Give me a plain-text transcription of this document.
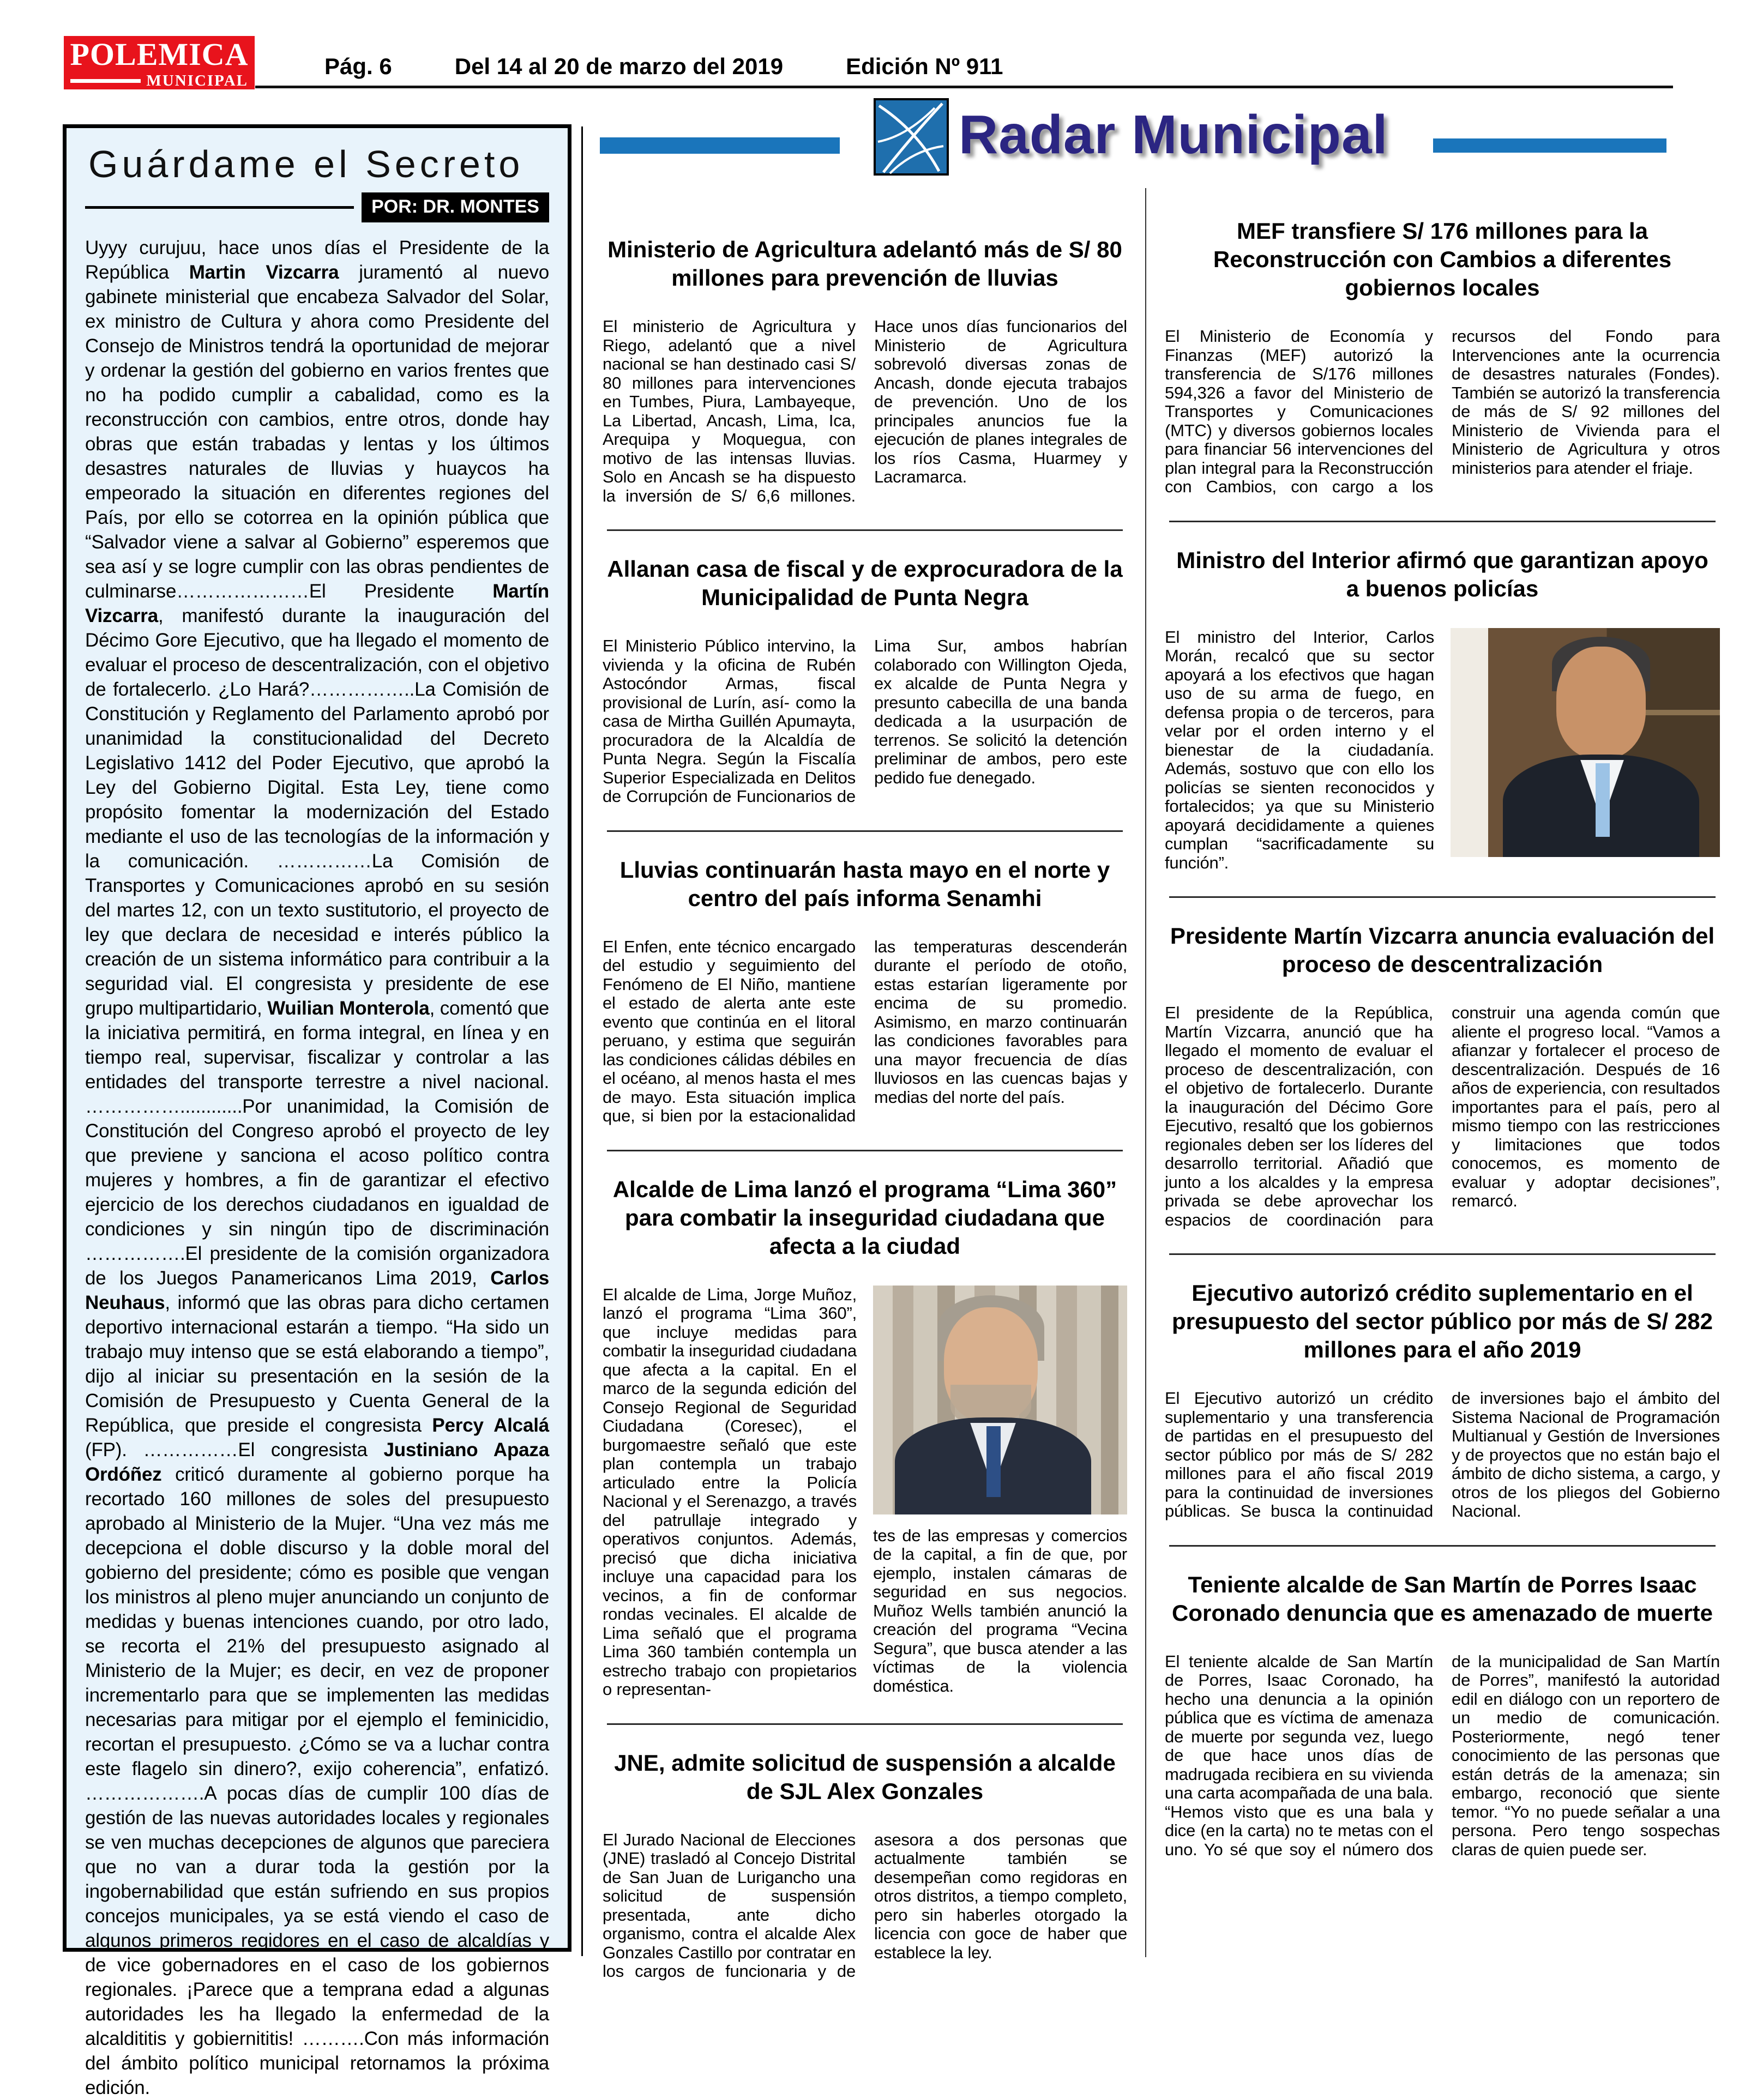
POLEMICA
MUNICIPAL
Pág. 6	Del 14 al 20 de marzo del 2019	Edición Nº 911
Radar Municipal
Guárdame el Secreto
POR: DR. MONTES
Uyyy curujuu, hace unos días el Presidente de la República Martin Vizcarra juramentó al nuevo gabinete ministerial que encabeza Salvador del Solar, ex ministro de Cultura y ahora como Presidente del Consejo de Ministros tendrá la oportunidad de mejorar y ordenar la gestión del gobierno en varios frentes que no ha podido cumplir a cabalidad, como es la reconstrucción con cambios, entre otros, donde hay obras que están trabadas y lentas y los últimos desastres naturales de lluvias y huaycos ha empeorado la situación en diferentes regiones del País, por ello se cotorrea en la opinión pública que “Salvador viene a salvar al Gobierno” esperemos que sea así y se logre cumplir con las obras pendientes de culminarse…………………El Presidente Martín Vizcarra, manifestó durante la inauguración del Décimo Gore Ejecutivo, que ha llegado el momento de evaluar el proceso de descentralización, con el objetivo de fortalecerlo. ¿Lo Hará?……………..La Comisión de Constitución y Reglamento del Parlamento aprobó por unanimidad la constitucionalidad del Decreto Legislativo 1412 del Poder Ejecutivo, que aprobó la Ley del Gobierno Digital. Esta Ley, tiene como propósito fomentar la modernización del Estado mediante el uso de las tecnologías de la información y la comunicación. ……………La Comisión de Transportes y Comunicaciones aprobó en su sesión del martes 12, con un texto sustitutorio, el proyecto de ley que declara de necesidad e interés público la creación de un sistema informático para contribuir a la seguridad vial. El congresista y presidente de ese grupo multipartidario, Wuilian Monterola, comentó que la iniciativa permitirá, en forma integral, en línea y en tiempo real, supervisar, fiscalizar y controlar a las entidades del transporte terrestre a nivel nacional. ……………............Por unanimidad, la Comisión de Constitución del Congreso aprobó el proyecto de ley que previene y sanciona el acoso político contra mujeres y hombres, a fin de garantizar el efectivo ejercicio de los derechos ciudadanos en igualdad de condiciones y sin ningún tipo de discriminación …………….El presidente de la comisión organizadora de los Juegos Panamericanos Lima 2019, Carlos Neuhaus, informó que las obras para dicho certamen deportivo internacional estarán a tiempo. “Ha sido un trabajo muy intenso que se está elaborando a tiempo”, dijo al iniciar su presentación en la sesión de la Comisión de Presupuesto y Cuenta General de la República, que preside el congresista Percy Alcalá (FP). ……………El congresista Justiniano Apaza Ordóñez criticó duramente al gobierno porque ha recortado 160 millones de soles del presupuesto aprobado al Ministerio de la Mujer. “Una vez más me decepciona el doble discurso y la doble moral del gobierno del presidente; cómo es posible que vengan los ministros al pleno mujer anunciando un conjunto de medidas y buenas intenciones cuando, por otro lado, se recorta el 21% del presupuesto asignado al Ministerio de la Mujer; es decir, en vez de proponer incrementarlo para que se implementen las medidas necesarias para mitigar por el ejemplo el feminicidio, recortan el presupuesto. ¿Cómo se va a luchar contra este flagelo sin dinero?, exijo coherencia”, enfatizó. ……………….A pocas días de cumplir 100 días de gestión de las nuevas autoridades locales y regionales se ven muchas decepciones de algunos que pareciera que no van a durar toda la gestión por la ingobernabilidad que están sufriendo en sus propios concejos municipales, ya se está viendo el caso de algunos primeros regidores en el caso de alcaldías y de vice gobernadores en el caso de los gobiernos regionales. ¡Parece que a temprana edad a algunas autoridades les ha llegado la enfermedad de la alcaldititis y gobiernititis! ……….Con más información del ámbito político municipal retornamos la próxima edición.
Ministerio de Agricultura adelantó más de S/ 80 millones para prevención de lluvias
El ministerio de Agricultura y Riego, adelantó que a nivel nacional se han destinado casi S/ 80 millones para intervenciones en Tumbes, Piura, Lambayeque, La Libertad, Ancash, Lima, Ica, Arequipa y Moquegua, con motivo de las intensas lluvias. Solo en Ancash se ha dispuesto la inversión de S/ 6,6 millones. Hace unos días funcionarios del Ministerio de Agricultura sobrevoló diversas zonas de Ancash, donde ejecuta trabajos de prevención. Uno de los principales anuncios fue la ejecución de planes integrales de los ríos Casma, Huarmey y Lacramarca.
Allanan casa de fiscal y de exprocuradora de la Municipalidad de Punta Negra
El Ministerio Público intervino, la vivienda y la oficina de Rubén Astocóndor Armas, fiscal provisional de Lurín, así- como la casa de Mirtha Guillén Apumayta, procuradora de la Alcaldía de Punta Negra. Según la Fiscalía Superior Especializada en Delitos de Corrupción de Funcionarios de Lima Sur, ambos habrían colaborado con Willington Ojeda, ex alcalde de Punta Negra y presunto cabecilla de una banda dedicada a la usurpación de terrenos. Se solicitó la detención preliminar de ambos, pero este pedido fue denegado.
Lluvias continuarán hasta mayo en el norte y centro del país informa Senamhi
El Enfen, ente técnico encargado del estudio y seguimiento del Fenómeno de El Niño, mantiene el estado de alerta ante este evento que continúa en el litoral peruano, y estima que seguirán las condiciones cálidas débiles en el océano, al menos hasta el mes de mayo. Esta situación implica que, si bien por la estacionalidad las temperaturas descenderán durante el período de otoño, estas estarían ligeramente por encima de su promedio. Asimismo, en marzo continuarán las condiciones favorables para una mayor frecuencia de días lluviosos en las cuencas bajas y medias del norte del país.
Alcalde de Lima lanzó el programa “Lima 360” para combatir la inseguridad ciudadana que afecta a la ciudad
El alcalde de Lima, Jorge Muñoz, lanzó el programa “Lima 360”, que incluye medidas para combatir la inseguridad ciudadana que afecta a la capital. En el marco de la segunda edición del Consejo Regional de Seguridad Ciudadana (Coresec), el burgomaestre señaló que este plan contempla un trabajo articulado entre la Policía Nacional y el Serenazgo, a través del patrullaje integrado y operativos conjuntos. Además, precisó que dicha iniciativa incluye una capacidad para los vecinos, a fin de conformar rondas vecinales. El alcalde de Lima señaló que el programa Lima 360 también contempla un estrecho trabajo con propietarios o representan-
tes de las empresas y comercios de la capital, a fin de que, por ejemplo, instalen cámaras de seguridad en sus negocios. Muñoz Wells también anunció la creación del programa “Vecina Segura”, que busca atender a las víctimas de la violencia doméstica.
JNE, admite solicitud de suspensión a alcalde de SJL Alex Gonzales
El Jurado Nacional de Elecciones (JNE) trasladó al Concejo Distrital de San Juan de Lurigancho una solicitud de suspensión presentada, ante dicho organismo, contra el alcalde Alex Gonzales Castillo por contratar en los cargos de funcionaria y de asesora a dos personas que actualmente también se desempeñan como regidoras en otros distritos, a tiempo completo, pero sin haberles otorgado la licencia con goce de haber que establece la ley.
MEF transfiere S/ 176 millones para la Reconstrucción con Cambios a diferentes gobiernos locales
El Ministerio de Economía y Finanzas (MEF) autorizó la transferencia de S/176 millones 594,326 a favor del Ministerio de Transportes y Comunicaciones (MTC) y diversos gobiernos locales para financiar 56 intervenciones del plan integral para la Reconstrucción con Cambios, con cargo a los recursos del Fondo para Intervenciones ante la ocurrencia de desastres naturales (Fondes). También se autorizó la transferencia de más de S/ 92 millones del Ministerio de Vivienda para el Ministerio de Agricultura y otros ministerios para atender el friaje.
Ministro del Interior afirmó que garantizan apoyo a buenos policías
El ministro del Interior, Carlos Morán, recalcó que su sector apoyará a los efectivos que hagan uso de su arma de fuego, en defensa propia o de terceros, para velar por el orden interno y el bienestar de la ciudadanía. Además, sostuvo que con ello los policías se sienten reconocidos y fortalecidos; ya que su Ministerio apoyará decididamente a quienes cumplan “sacrificadamente su función”.
Presidente Martín Vizcarra anuncia evaluación del proceso de descentralización
El presidente de la República, Martín Vizcarra, anunció que ha llegado el momento de evaluar el proceso de descentralización, con el objetivo de fortalecerlo. Durante la inauguración del Décimo Gore Ejecutivo, resaltó que los gobiernos regionales deben ser los líderes del desarrollo territorial. Añadió que junto a los alcaldes y la empresa privada se debe aprovechar los espacios de coordinación para construir una agenda común que aliente el progreso local. “Vamos a afianzar y fortalecer el proceso de descentralización. Después de 16 años de experiencia, con resultados importantes para el país, pero al mismo tiempo con las restricciones y limitaciones que todos conocemos, es momento de evaluar y adoptar decisiones”, remarcó.
Ejecutivo autorizó crédito suplementario en el presupuesto del sector público por más de S/ 282 millones para el año 2019
El Ejecutivo autorizó un crédito suplementario y una transferencia de partidas en el presupuesto del sector público por más de S/ 282 millones para el año fiscal 2019 para la continuidad de inversiones públicas. Se busca la continuidad de inversiones bajo el ámbito del Sistema Nacional de Programación Multianual y Gestión de Inversiones y de proyectos que no están bajo el ámbito de dicho sistema, a cargo, y otros de los pliegos del Gobierno Nacional.
Teniente alcalde de San Martín de Porres Isaac Coronado denuncia que es amenazado de muerte
El teniente alcalde de San Martín de Porres, Isaac Coronado, ha hecho una denuncia a la opinión pública que es víctima de amenaza de muerte por segunda vez, luego de que hace unos días de madrugada recibiera en su vivienda una carta acompañada de una bala. “Hemos visto que es una bala y dice (en la carta) no te metas con el uno. Yo sé que soy el número dos de la municipalidad de San Martín de Porres”, manifestó la autoridad edil en diálogo con un reportero de un medio de comunicación. Posteriormente, negó tener conocimiento de las personas que están detrás de la amenaza; sin embargo, reconoció que siente temor. “Yo no puede señalar a una persona. Pero tengo sospechas claras de quien puede ser.
